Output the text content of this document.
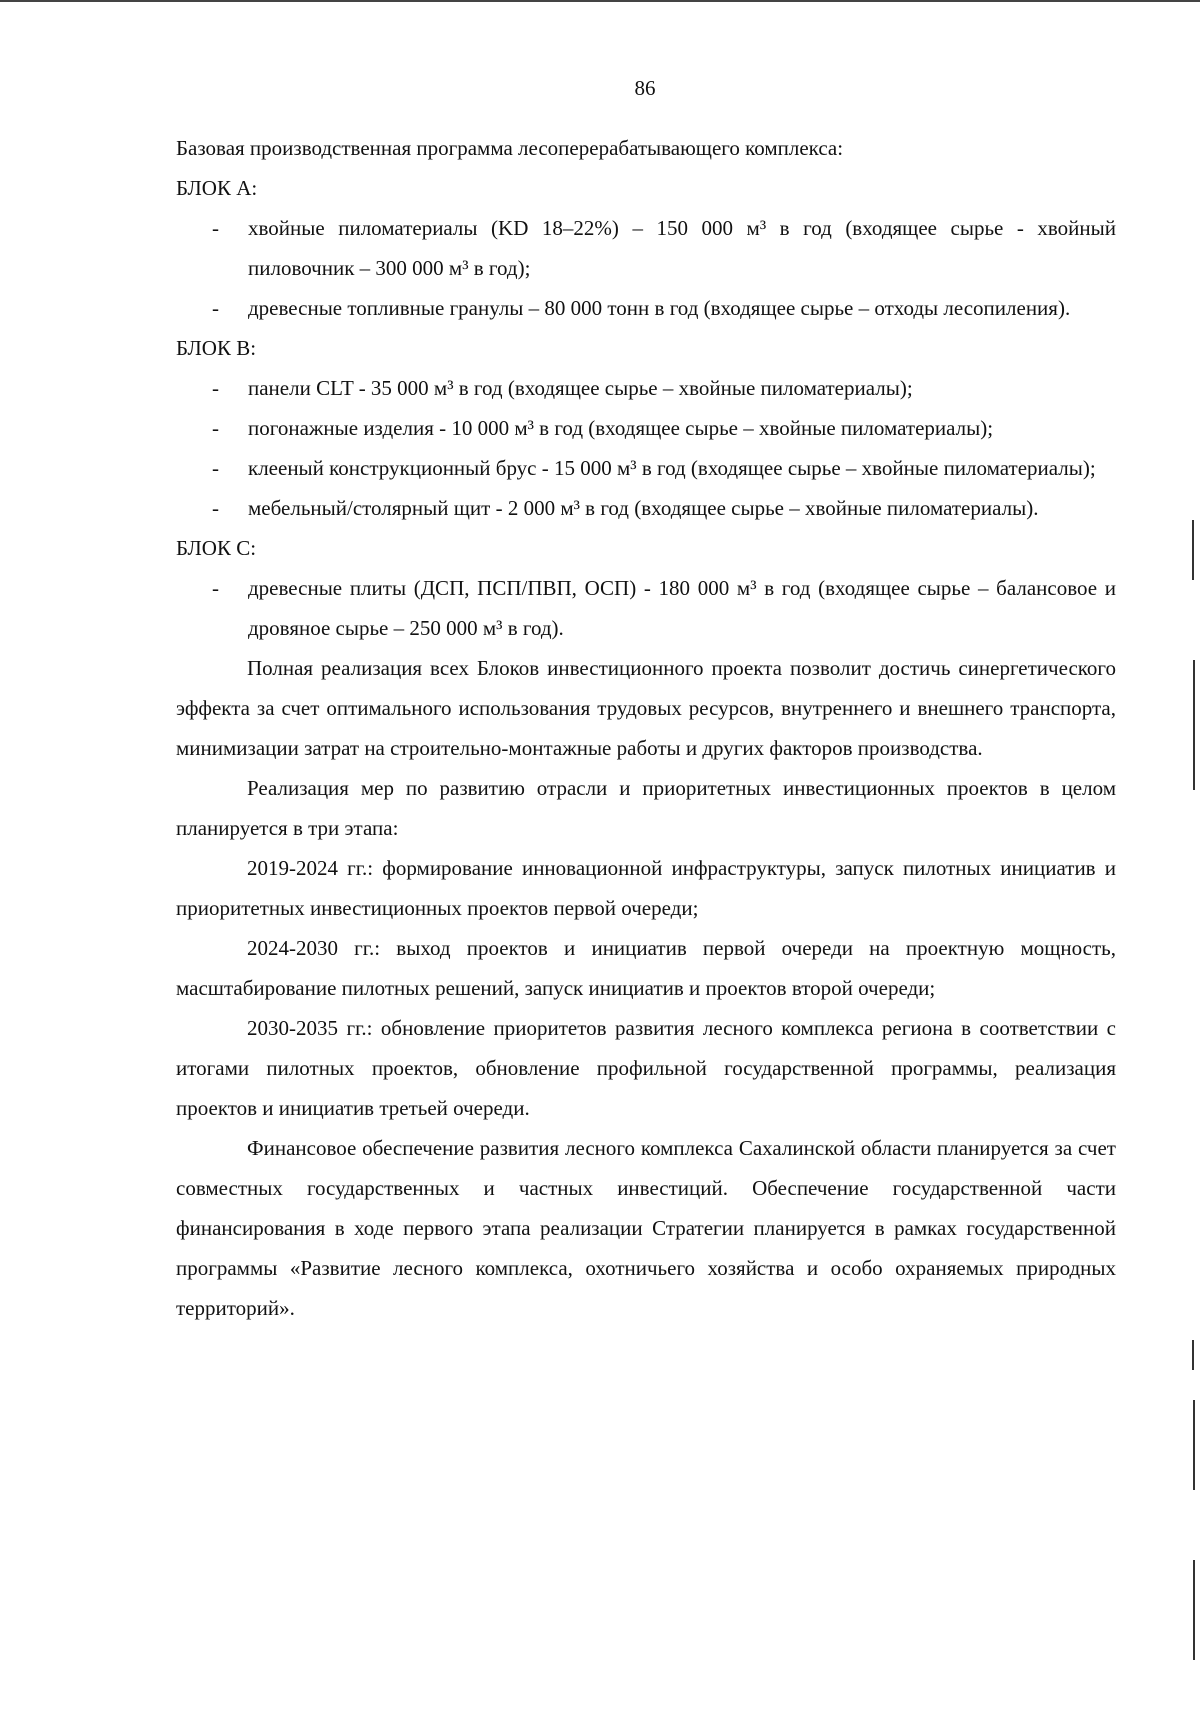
86

Базовая производственная программа лесоперерабатывающего комплекса:

БЛОК А:

- хвойные пиломатериалы (KD 18–22%) – 150 000 м³ в год (входящее сырье - хвойный пиловочник – 300 000 м³ в год);
- древесные топливные гранулы – 80 000 тонн в год (входящее сырье – отходы лесопиления).

БЛОК В:

- панели CLT - 35 000 м³ в год (входящее сырье – хвойные пиломатериалы);
- погонажные изделия - 10 000 м³ в год (входящее сырье – хвойные пиломатериалы);
- клееный конструкционный брус - 15 000 м³ в год (входящее сырье – хвойные пиломатериалы);
- мебельный/столярный щит - 2 000 м³ в год (входящее сырье – хвойные пиломатериалы).

БЛОК С:

- древесные плиты (ДСП, ПСП/ПВП, ОСП) - 180 000 м³ в год (входящее сырье – балансовое и дровяное сырье – 250 000 м³ в год).

Полная реализация всех Блоков инвестиционного проекта позволит достичь синергетического эффекта за счет оптимального использования трудовых ресурсов, внутреннего и внешнего транспорта, минимизации затрат на строительно-монтажные работы и других факторов производства.

Реализация мер по развитию отрасли и приоритетных инвестиционных проектов в целом планируется в три этапа:

2019-2024 гг.: формирование инновационной инфраструктуры, запуск пилотных инициатив и приоритетных инвестиционных проектов первой очереди;

2024-2030 гг.: выход проектов и инициатив первой очереди на проектную мощность, масштабирование пилотных решений, запуск инициатив и проектов второй очереди;

2030-2035 гг.: обновление приоритетов развития лесного комплекса региона в соответствии с итогами пилотных проектов, обновление профильной государственной программы, реализация проектов и инициатив третьей очереди.

Финансовое обеспечение развития лесного комплекса Сахалинской области планируется за счет совместных государственных и частных инвестиций. Обеспечение государственной части финансирования в ходе первого этапа реализации Стратегии планируется в рамках государственной программы «Развитие лесного комплекса, охотничьего хозяйства и особо охраняемых природных территорий».
